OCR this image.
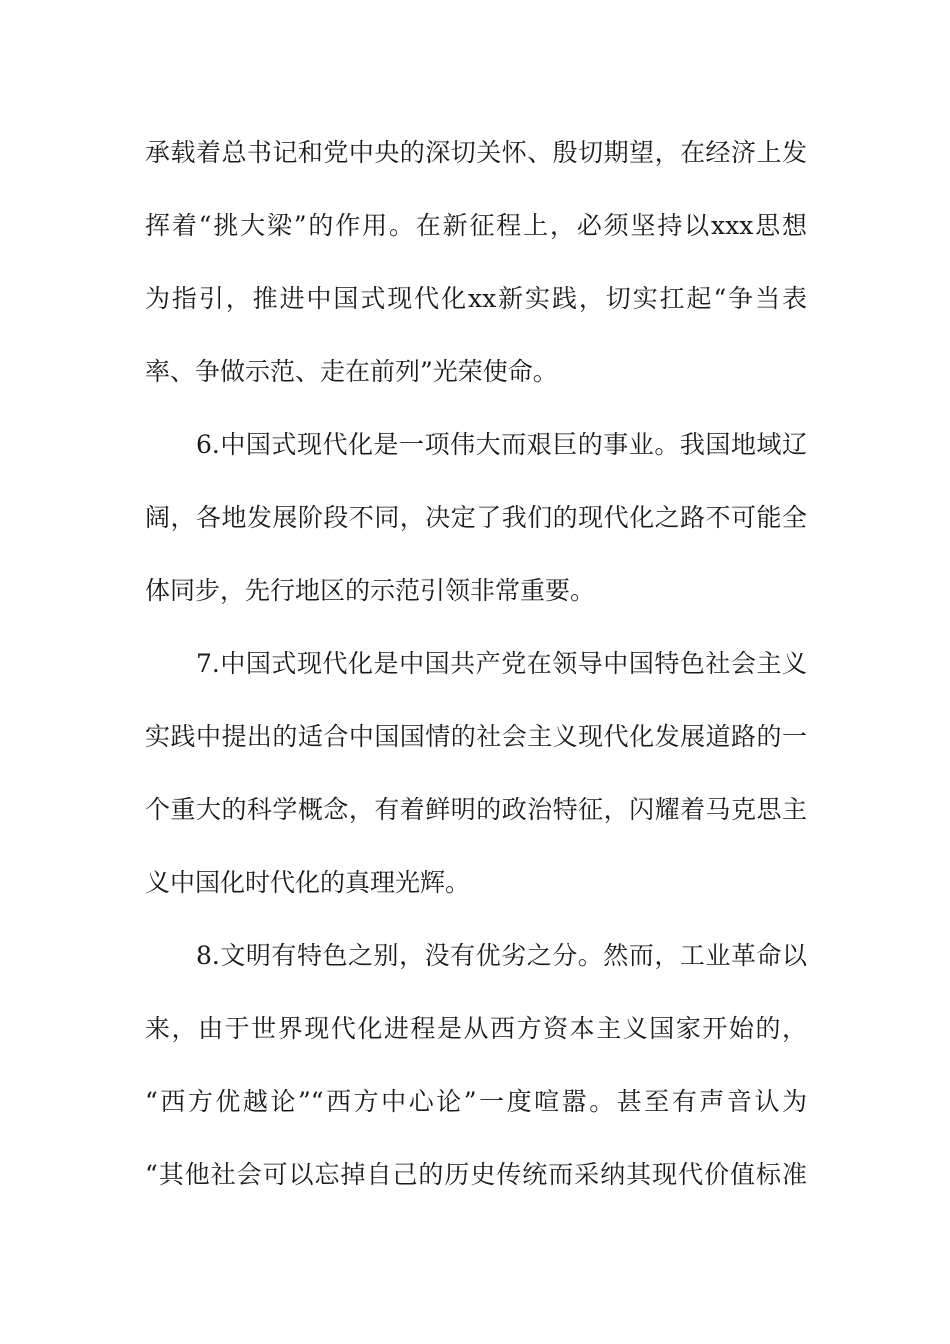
承载着总书记和党中央的深切关怀、殷切期望，在经济上发
挥着“挑大梁”的作用。在新征程上，必须坚持以xxx思想
为指引，推进中国式现代化xx新实践，切实扛起“争当表
率、争做示范、走在前列”光荣使命。
6.中国式现代化是一项伟大而艰巨的事业。我国地域辽
阔，各地发展阶段不同，决定了我们的现代化之路不可能全
体同步，先行地区的示范引领非常重要。
7.中国式现代化是中国共产党在领导中国特色社会主义
实践中提出的适合中国国情的社会主义现代化发展道路的一
个重大的科学概念，有着鲜明的政治特征，闪耀着马克思主
义中国化时代化的真理光辉。
8.文明有特色之别，没有优劣之分。然而，工业革命以
来，由于世界现代化进程是从西方资本主义国家开始的，
“西方优越论”“西方中心论”一度喧嚣。甚至有声音认为
“其他社会可以忘掉自己的历史传统而采纳其现代价值标准
